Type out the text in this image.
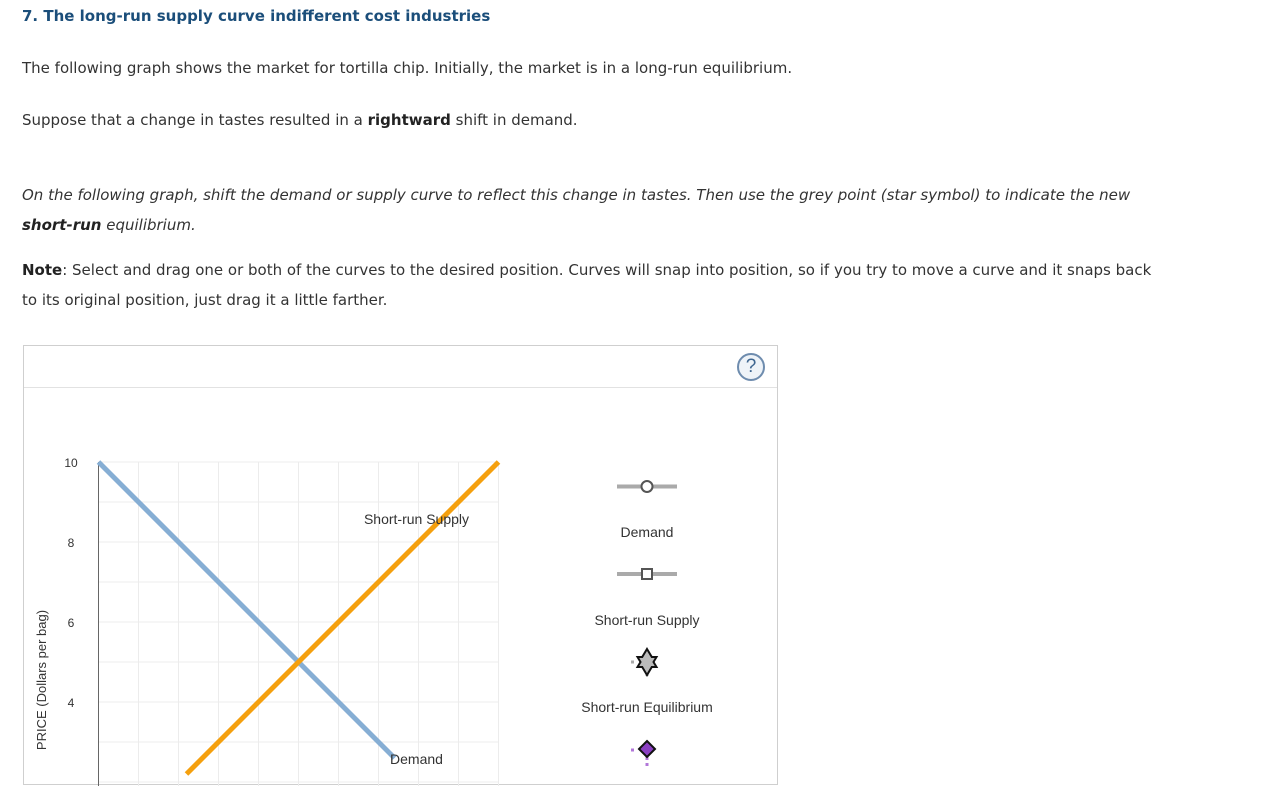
7. The long-run supply curve indifferent cost industries

The following graph shows the market for tortilla chip. Initially, the market is in a long-run equilibrium.

Suppose that a change in tastes resulted in a rightward shift in demand.

On the following graph, shift the demand or supply curve to reflect this change in tastes. Then use the grey point (star symbol) to indicate the new
short-run equilibrium.

Note: Select and drag one or both of the curves to the desired position. Curves will snap into position, so if you try to move a curve and it snaps back
to its original position, just drag it a little farther.

?
10
8
6
4
PRICE (Dollars per bag)
Demand
Short-run Supply
Demand
Short-run Supply
Short-run Equilibrium
